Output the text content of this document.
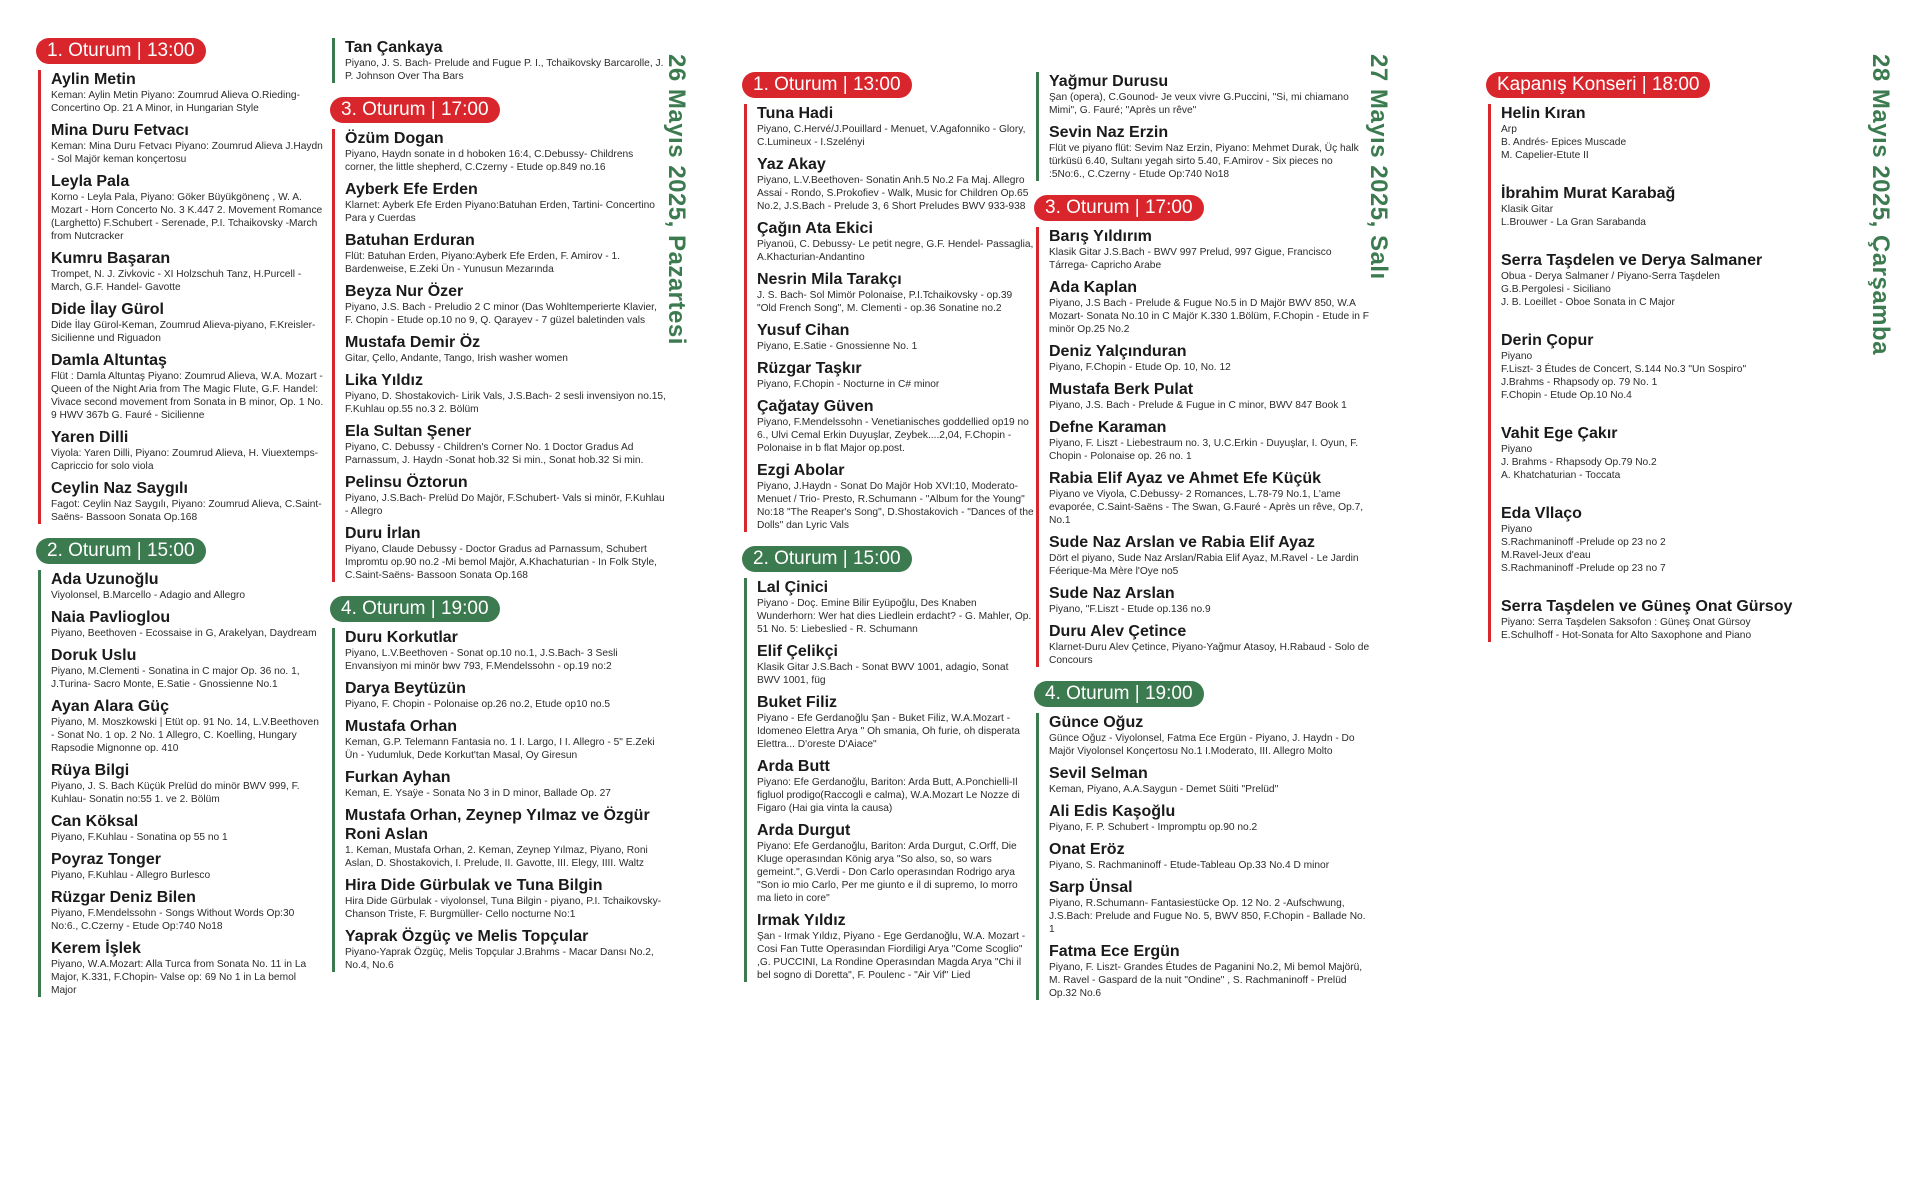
1. Oturum | 13:00
Aylin Metin
Keman: Aylin Metin Piyano: Zoumrud Alieva O.Rieding-Concertino Op. 21 A Minor, in Hungarian Style
Mina Duru Fetvacı
Keman: Mina Duru Fetvacı Piyano: Zoumrud Alieva J.Haydn - Sol Majör keman konçertosu
Leyla Pala
Korno - Leyla Pala, Piyano: Göker Büyükgönenç , W. A. Mozart - Horn Concerto No. 3 K.447 2. Movement Romance (Larghetto) F.Schubert - Serenade, P.I. Tchaikovsky -March from Nutcracker
Kumru Başaran
Trompet, N. J. Zivkovic - XI Holzschuh Tanz, H.Purcell - March, G.F. Handel- Gavotte
Dide İlay Gürol
Dide İlay Gürol-Keman, Zoumrud Alieva-piyano, F.Kreisler- Sicilienne und Riguadon
Damla Altuntaş
Flüt : Damla Altuntaş Piyano: Zoumrud Alieva, W.A. Mozart - Queen of the Night Aria from The Magic Flute, G.F. Handel: Vivace second movement from Sonata in B minor, Op. 1 No. 9 HWV 367b G. Fauré - Sicilienne
Yaren Dilli
Viyola: Yaren Dilli, Piyano: Zoumrud Alieva, H. Viuextemps- Capriccio for solo viola
Ceylin Naz Saygılı
Fagot: Ceylin Naz Saygılı, Piyano: Zoumrud Alieva, C.Saint-Saëns- Bassoon Sonata Op.168
2. Oturum | 15:00
Ada Uzunoğlu
Viyolonsel, B.Marcello - Adagio and Allegro
Naia Pavlioglou
Piyano, Beethoven - Ecossaise in G, Arakelyan, Daydream
Doruk Uslu
Piyano, M.Clementi - Sonatina in C major Op. 36 no. 1, J.Turina- Sacro Monte, E.Satie - Gnossienne No.1
Ayan Alara Güç
Piyano, M. Moszkowski | Etüt op. 91 No. 14, L.V.Beethoven - Sonat No. 1 op. 2 No. 1 Allegro, C. Koelling, Hungary Rapsodie Mignonne op. 410
Rüya Bilgi
Piyano, J. S. Bach Küçük Prelüd do minör BWV 999, F. Kuhlau- Sonatin no:55 1. ve 2. Bölüm
Can Köksal
Piyano, F.Kuhlau - Sonatina op 55 no 1
Poyraz Tonger
Piyano, F.Kuhlau - Allegro Burlesco
Rüzgar Deniz Bilen
Piyano, F.Mendelssohn - Songs Without Words Op:30 No:6., C.Czerny - Etude Op:740 No18
Kerem İşlek
Piyano, W.A.Mozart: Alla Turca from Sonata No. 11 in La Major, K.331, F.Chopin- Valse op: 69 No 1 in La bemol Major
Tan Çankaya
Piyano, J. S. Bach- Prelude and Fugue P. I., Tchaikovsky Barcarolle, J. P. Johnson Over Tha Bars
3. Oturum | 17:00
Özüm Dogan
Piyano, Haydn sonate in d hoboken 16:4, C.Debussy- Childrens corner, the little shepherd, C.Czerny - Etude op.849 no.16
Ayberk Efe Erden
Klarnet: Ayberk Efe Erden Piyano:Batuhan Erden, Tartini- Concertino Para y Cuerdas
Batuhan Erduran
Flüt: Batuhan Erden, Piyano:Ayberk Efe Erden, F. Amirov - 1. Bardenweise, E.Zeki Ün - Yunusun Mezarında
Beyza Nur Özer
Piyano, J.S. Bach - Preludio 2 C minor (Das Wohltemperierte Klavier, F. Chopin - Etude op.10 no 9, Q. Qarayev - 7 güzel baletinden vals
Mustafa Demir Öz
Gitar, Çello, Andante, Tango, Irish washer women
Lika Yıldız
Piyano, D. Shostakovich- Lirik Vals, J.S.Bach- 2 sesli invensiyon no.15, F.Kuhlau op.55 no.3 2. Bölüm
Ela Sultan Şener
Piyano, C. Debussy - Children's Corner No. 1 Doctor Gradus Ad Parnassum, J. Haydn -Sonat hob.32 Si min., Sonat hob.32 Si min.
Pelinsu Öztorun
Piyano, J.S.Bach- Prelüd Do Majör, F.Schubert- Vals si minör, F.Kuhlau - Allegro
Duru İrlan
Piyano, Claude Debussy - Doctor Gradus ad Parnassum, Schubert Impromtu op.90 no.2 -Mi bemol Majör, A.Khachaturian - In Folk Style, C.Saint-Saëns- Bassoon Sonata Op.168
4. Oturum | 19:00
Duru Korkutlar
Piyano, L.V.Beethoven - Sonat op.10 no.1, J.S.Bach- 3 Sesli Envansiyon mi minör bwv 793, F.Mendelssohn - op.19 no:2
Darya Beytüzün
Piyano, F. Chopin - Polonaise op.26 no.2, Etude op10 no.5
Mustafa Orhan
Keman, G.P. Telemann Fantasia no. 1 I. Largo, I I. Allegro - 5" E.Zeki Ün - Yudumluk, Dede Korkut'tan Masal, Oy Giresun
Furkan Ayhan
Keman, E. Ysaÿe - Sonata No 3 in D minor, Ballade Op. 27
Mustafa Orhan, Zeynep Yılmaz ve Özgür Roni Aslan
1. Keman, Mustafa Orhan, 2. Keman, Zeynep Yılmaz, Piyano, Roni Aslan, D. Shostakovich, I. Prelude, II. Gavotte, III. Elegy, IIII. Waltz
Hira Dide Gürbulak ve Tuna Bilgin
Hira Dide Gürbulak - viyolonsel, Tuna Bilgin - piyano, P.I. Tchaikovsky- Chanson Triste, F. Burgmüller- Cello nocturne No:1
Yaprak Özgüç ve Melis Topçular
Piyano-Yaprak Özgüç, Melis Topçular J.Brahms - Macar Dansı No.2, No.4, No.6
26 Mayıs 2025, Pazartesi	1. Oturum | 13:00
Tuna Hadi
Piyano, C.Hervé/J.Pouillard - Menuet, V.Agafonniko - Glory, C.Lumineux - I.Szelényi
Yaz Akay
Piyano, L.V.Beethoven- Sonatin Anh.5 No.2 Fa Maj. Allegro Assai - Rondo, S.Prokofiev - Walk, Music for Children Op.65 No.2, J.S.Bach - Prelude 3, 6 Short Preludes BWV 933-938
Çağın Ata Ekici
Piyanoü, C. Debussy- Le petit negre, G.F. Hendel- Passaglia, A.Khacturian-Andantino
Nesrin Mila Tarakçı
J. S. Bach- Sol Mimör Polonaise, P.I.Tchaikovsky - op.39 "Old French Song", M. Clementi - op.36 Sonatine no.2
Yusuf Cihan
Piyano, E.Satie - Gnossienne No. 1
Rüzgar Taşkır
Piyano, F.Chopin - Nocturne in C# minor
Çağatay Güven
Piyano, F.Mendelssohn - Venetianisches goddellied op19 no 6., Ulvi Cemal Erkin Duyuşlar, Zeybek....2,04, F.Chopin - Polonaise in b flat Major op.post.
Ezgi Abolar
Piyano, J.Haydn - Sonat Do Majör Hob XVI:10, Moderato- Menuet / Trio- Presto, R.Schumann - "Album for the Young" No:18 "The Reaper's Song", D.Shostakovich - "Dances of the Dolls" dan Lyric Vals
2. Oturum | 15:00
Lal Çinici
Piyano - Doç. Emine Bilir Eyüpoğlu, Des Knaben Wunderhorn: Wer hat dies Liedlein erdacht? - G. Mahler, Op. 51 No. 5: Liebeslied - R. Schumann
Elif Çelikçi
Klasik Gitar J.S.Bach - Sonat BWV 1001, adagio, Sonat BWV 1001, füg
Buket Filiz
Piyano - Efe Gerdanoğlu Şan - Buket Filiz, W.A.Mozart - Idomeneo Elettra Arya " Oh smania, Oh furie, oh disperata Elettra... D'oreste D'Aiace"
Arda Butt
Piyano: Efe Gerdanoğlu, Bariton: Arda Butt, A.Ponchielli-Il figluol prodigo(Raccogli e calma), W.A.Mozart Le Nozze di Figaro (Hai gia vinta la causa)
Arda Durgut
Piyano: Efe Gerdanoğlu, Bariton: Arda Durgut, C.Orff, Die Kluge operasından König arya "So also, so, so wars gemeint.", G.Verdi - Don Carlo operasından Rodrigo arya "Son io mio Carlo, Per me giunto e il di supremo, Io morro ma lieto in core"
Irmak Yıldız
Şan - Irmak Yıldız, Piyano - Ege Gerdanoğlu, W.A. Mozart - Cosi Fan Tutte Operasından Fiordiligi Arya "Come Scoglio" ,G. PUCCINI, La Rondine Operasından Magda Arya "Chi il bel sogno di Doretta", F. Poulenc - "Air Vif" Lied
Yağmur Durusu
Şan (opera), C.Gounod- Je veux vivre G.Puccini, "Si, mi chiamano Mimi", G. Fauré; "Après un rêve"
Sevin Naz Erzin
Flüt ve piyano flüt: Sevim Naz Erzin, Piyano: Mehmet Durak, Üç halk türküsü 6.40, Sultanı yegah sirto 5.40, F.Amirov - Six pieces no :5No:6., C.Czerny - Etude Op:740 No18
3. Oturum | 17:00
Barış Yıldırım
Klasik Gitar J.S.Bach - BWV 997 Prelud, 997 Gigue, Francisco Tárrega- Capricho Arabe
Ada Kaplan
Piyano, J.S Bach - Prelude & Fugue No.5 in D Majör BWV 850, W.A Mozart- Sonata No.10 in C Majör K.330 1.Bölüm, F.Chopin - Etude in F minör Op.25 No.2
Deniz Yalçınduran
Piyano, F.Chopin - Etude Op. 10, No. 12
Mustafa Berk Pulat
Piyano, J.S. Bach - Prelude & Fugue in C minor, BWV 847 Book 1
Defne Karaman
Piyano, F. Liszt - Liebestraum no. 3, U.C.Erkin - Duyuşlar, I. Oyun, F. Chopin - Polonaise op. 26 no. 1
Rabia Elif Ayaz ve Ahmet Efe Küçük
Piyano ve Viyola, C.Debussy- 2 Romances, L.78-79 No.1, L'ame evaporée, C.Saint-Saëns - The Swan, G.Fauré - Après un rêve, Op.7, No.1
Sude Naz Arslan ve Rabia Elif Ayaz
Dört el piyano, Sude Naz Arslan/Rabia Elif Ayaz, M.Ravel - Le Jardin Féerique-Ma Mère l'Oye no5
Sude Naz Arslan
Piyano, "F.Liszt - Etude op.136 no.9
Duru Alev Çetince
Klarnet-Duru Alev Çetince, Piyano-Yağmur Atasoy, H.Rabaud - Solo de Concours
4. Oturum | 19:00
Günce Oğuz
Günce Oğuz - Viyolonsel, Fatma Ece Ergün - Piyano, J. Haydn - Do Majör Viyolonsel Konçertosu No.1 I.Moderato, III. Allegro Molto
Sevil Selman
Keman, Piyano, A.A.Saygun - Demet Süiti "Prelüd"
Ali Edis Kaşoğlu
Piyano, F. P. Schubert - Impromptu op.90 no.2
Onat Eröz
Piyano, S. Rachmaninoff - Etude-Tableau Op.33 No.4 D minor
Sarp Ünsal
Piyano, R.Schumann- Fantasiestücke Op. 12 No. 2 -Aufschwung, J.S.Bach: Prelude and Fugue No. 5, BWV 850, F.Chopin - Ballade No. 1
Fatma Ece Ergün
Piyano, F. Liszt- Grandes Études de Paganini No.2, Mi bemol Majörü, M. Ravel - Gaspard de la nuit "Ondine" , S. Rachmaninoff - Prelüd Op.32 No.6
27 Mayıs 2025, Salı	Kapanış Konseri | 18:00
Helin Kıran
Arp
B. Andrés- Epices Muscade
M. Capelier-Etute II
İbrahim Murat Karabağ
Klasik Gitar
L.Brouwer - La Gran Sarabanda
Serra Taşdelen ve Derya Salmaner
Obua - Derya Salmaner / Piyano-Serra Taşdelen
G.B.Pergolesi - Siciliano
J. B. Loeillet - Oboe Sonata in C Major
Derin Çopur
Piyano
F.Liszt- 3 Études de Concert, S.144 No.3 "Un Sospiro"
J.Brahms - Rhapsody op. 79 No. 1
F.Chopin - Etude Op.10 No.4
Vahit Ege Çakır
Piyano
J. Brahms - Rhapsody Op.79 No.2
A. Khatchaturian - Toccata
Eda Vllaço
Piyano
S.Rachmaninoff -Prelude op 23 no 2
M.Ravel-Jeux d'eau
S.Rachmaninoff -Prelude op 23 no 7
Serra Taşdelen ve Güneş Onat Gürsoy
Piyano: Serra Taşdelen Saksofon : Güneş Onat Gürsoy
E.Schulhoff - Hot-Sonata for Alto Saxophone and Piano
28 Mayıs 2025, Çarşamba
